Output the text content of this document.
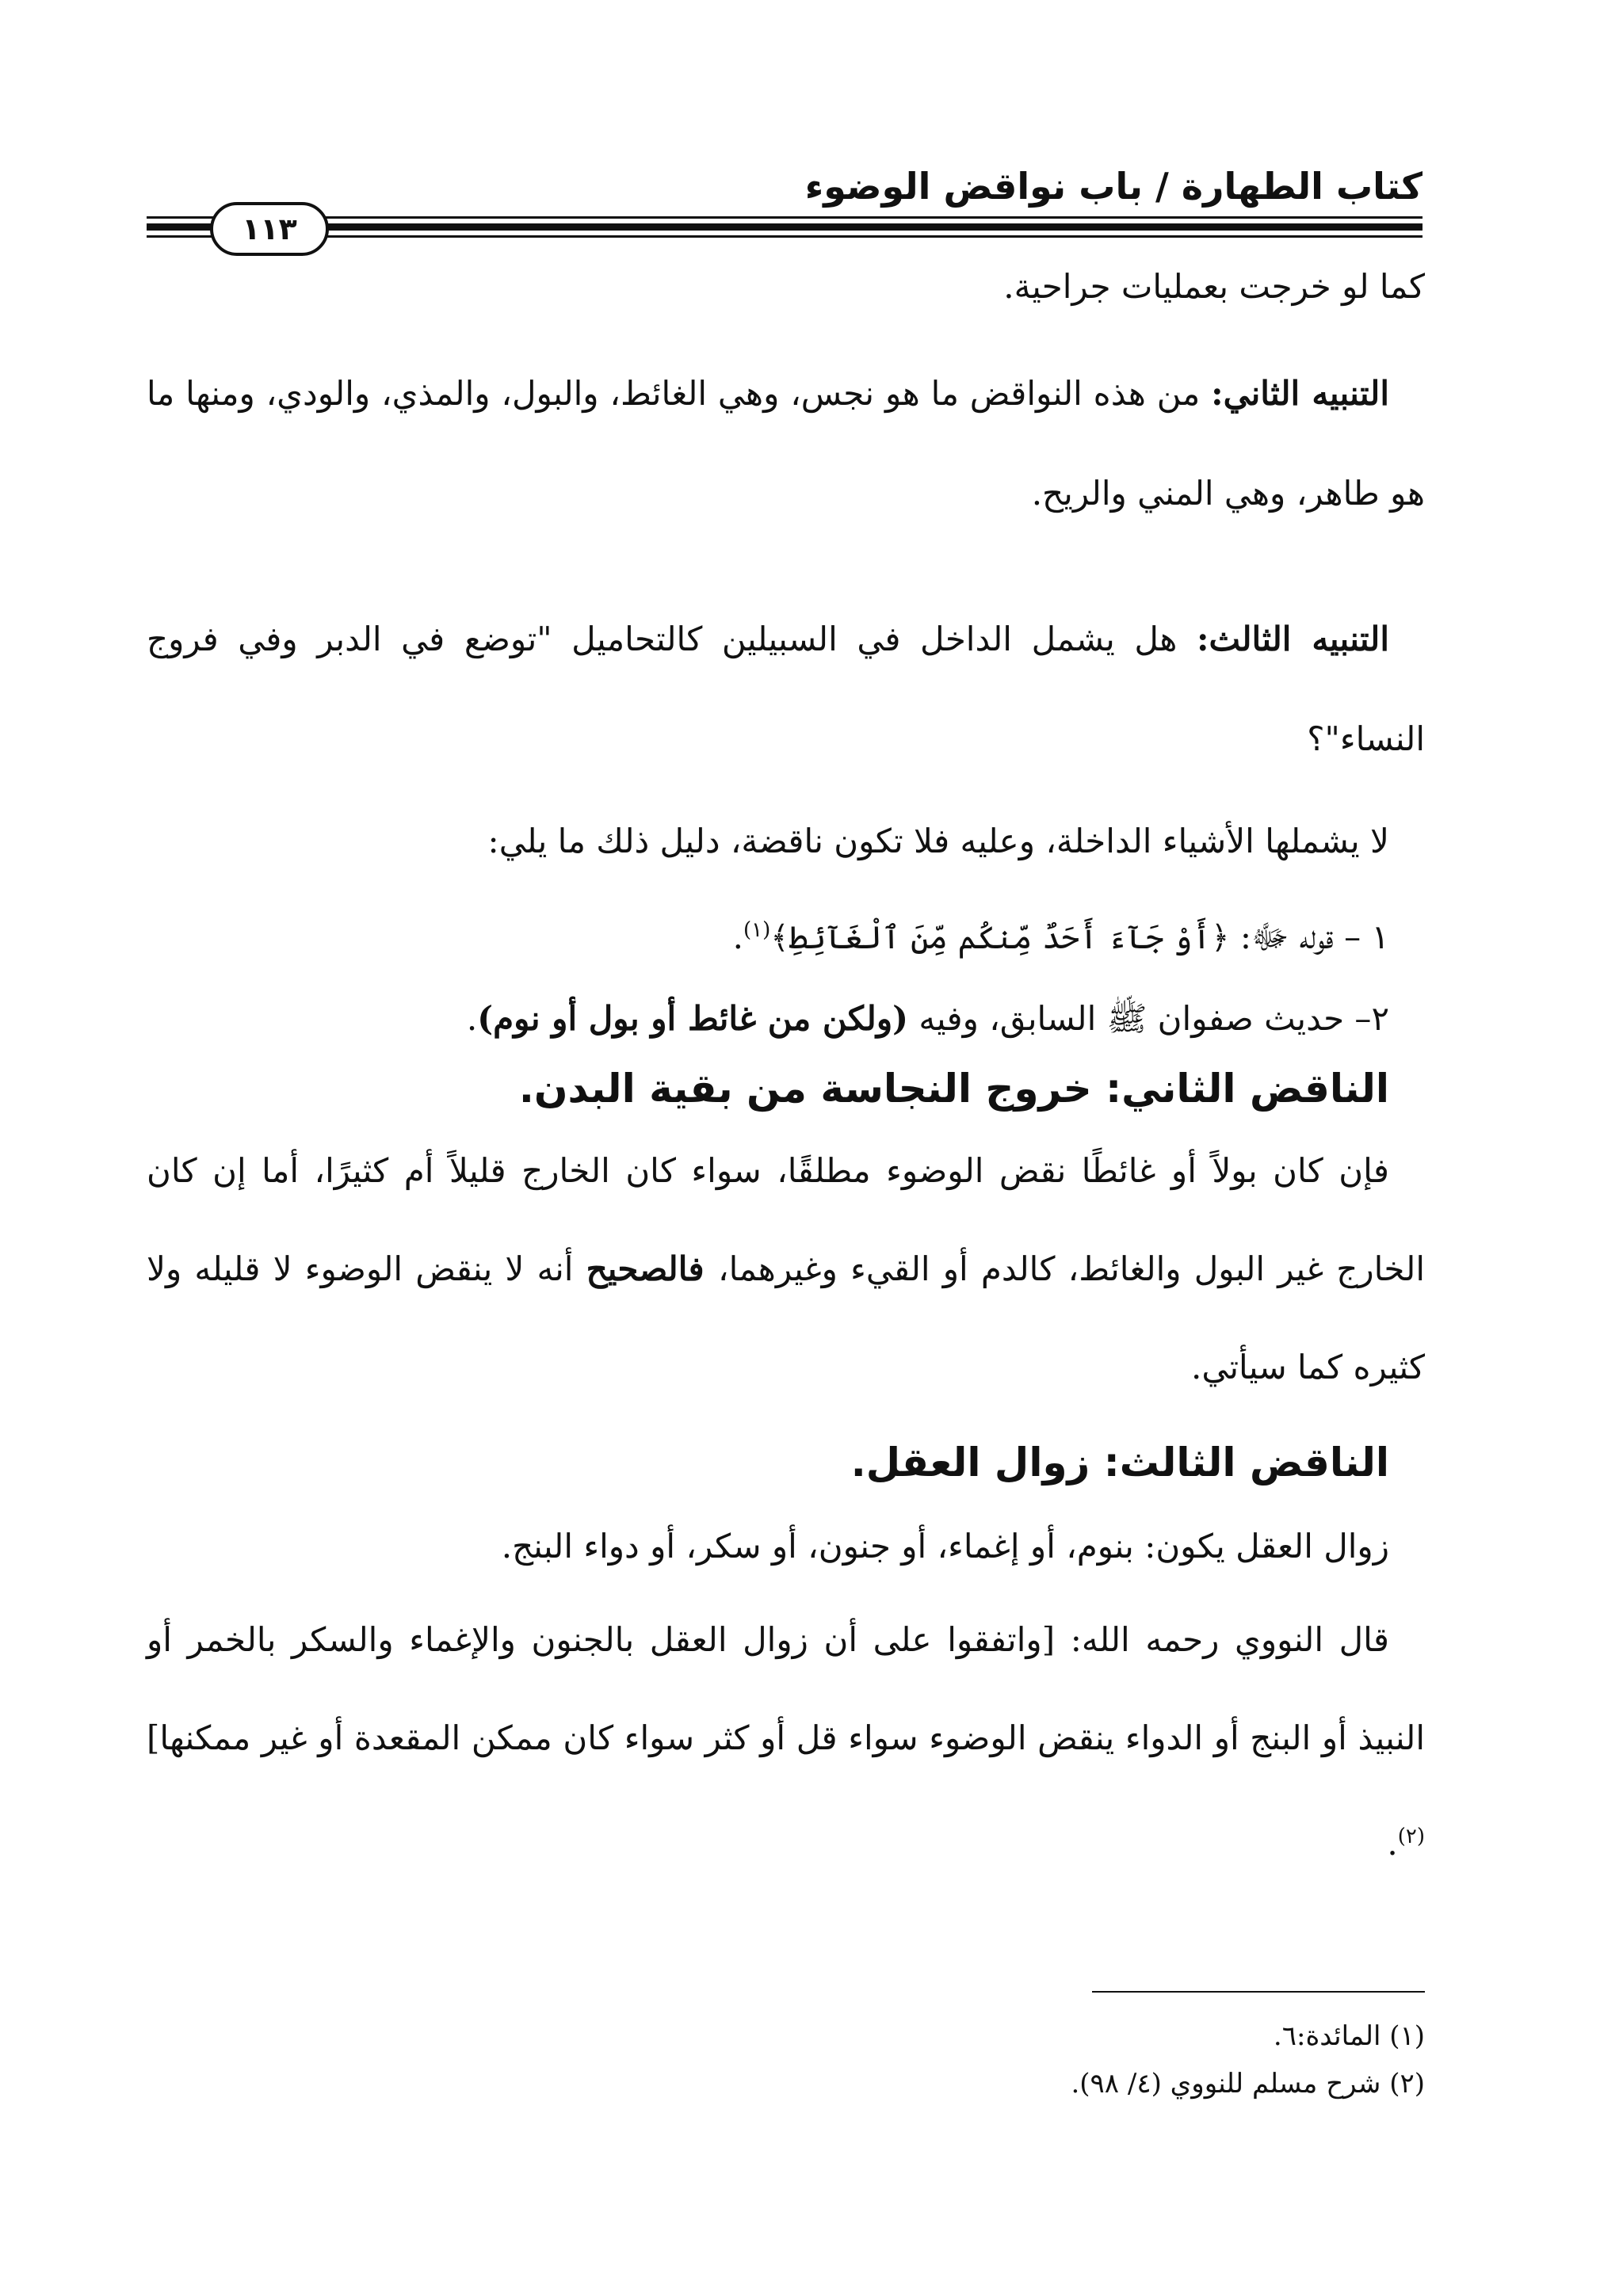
كتاب الطهارة / باب نواقض الوضوء
١١٣

كما لو خرجت بعمليات جراحية.

التنبيه الثاني: من هذه النواقض ما هو نجس، وهي الغائط، والبول، والمذي، والودي، ومنها ما هو طاهر، وهي المني والريح.

التنبيه الثالث: هل يشمل الداخل في السبيلين كالتحاميل "توضع في الدبر وفي فروج النساء"؟

لا يشملها الأشياء الداخلة، وعليه فلا تكون ناقضة، دليل ذلك ما يلي:

١ – قوله ﷻ: ﴿أَوْ جَآءَ أَحَدٌ مِّنكُم مِّنَ ٱلْغَآئِطِ﴾$^{(١)}$.

٢– حديث صفوان ﷺ السابق، وفيه (ولكن من غائط أو بول أو نوم).

الناقض الثاني: خروج النجاسة من بقية البدن.

فإن كان بولاً أو غائطًا نقض الوضوء مطلقًا، سواء كان الخارج قليلاً أم كثيرًا، أما إن كان الخارج غير البول والغائط، كالدم أو القيء وغيرهما، فالصحيح أنه لا ينقض الوضوء لا قليله ولا كثيره كما سيأتي.

الناقض الثالث: زوال العقل.

زوال العقل يكون: بنوم، أو إغماء، أو جنون، أو سكر، أو دواء البنج.

قال النووي رحمه الله: [واتفقوا على أن زوال العقل بالجنون والإغماء والسكر بالخمر أو النبيذ أو البنج أو الدواء ينقض الوضوء سواء قل أو كثر سواء كان ممكن المقعدة أو غير ممكنها]$^{(٢)}$.

(١) المائدة:٦.

(٢) شرح مسلم للنووي (٤/ ٩٨).
